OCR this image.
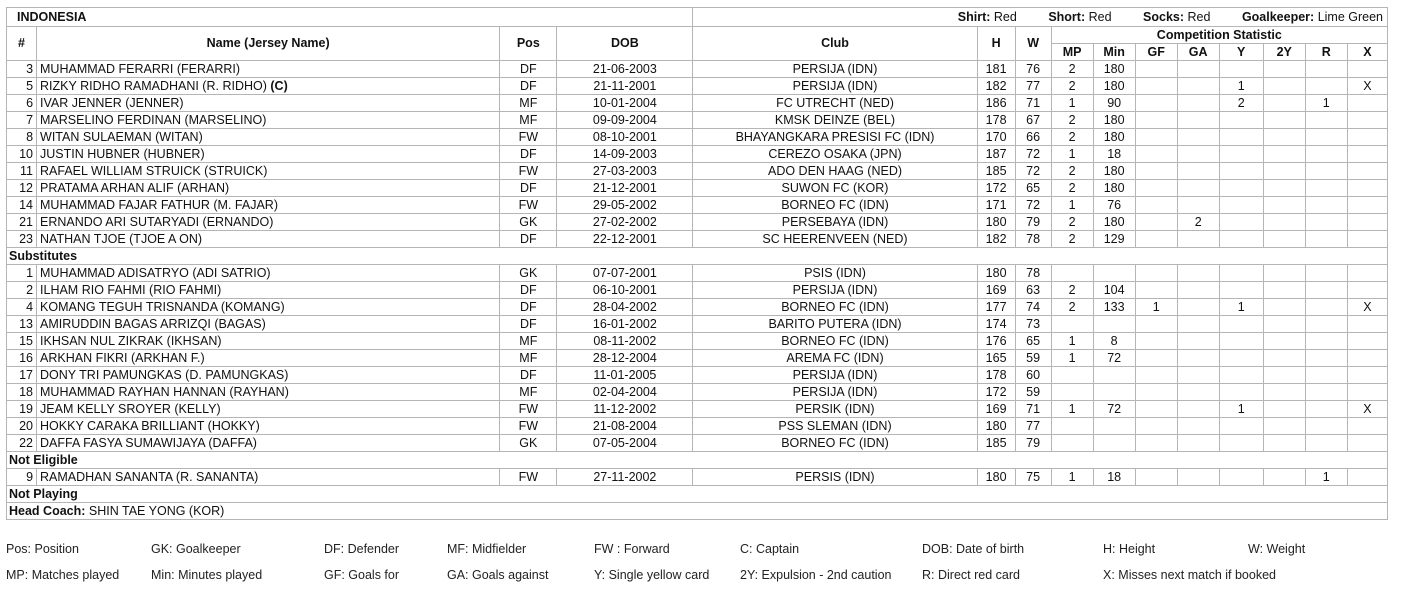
INDONESIA				Shirt: Red Short: Red Socks: Red Goalkeeper: Lime Green										
#	Name (Jersey Name)	Pos	DOB	Club	H	W	Competition Statistic							
							MP	Min	GF	GA	Y	2Y	R	X
3	MUHAMMAD FERARRI (FERARRI)	DF	21-06-2003	PERSIJA (IDN)	181	76	2	180						
5	RIZKY RIDHO RAMADHANI (R. RIDHO) (C)	DF	21-11-2001	PERSIJA (IDN)	182	77	2	180			1			X
6	IVAR JENNER (JENNER)	MF	10-01-2004	FC UTRECHT (NED)	186	71	1	90			2		1	
7	MARSELINO FERDINAN (MARSELINO)	MF	09-09-2004	KMSK DEINZE (BEL)	178	67	2	180						
8	WITAN SULAEMAN (WITAN)	FW	08-10-2001	BHAYANGKARA PRESISI FC (IDN)	170	66	2	180						
10	JUSTIN HUBNER (HUBNER)	DF	14-09-2003	CEREZO OSAKA (JPN)	187	72	1	18						
11	RAFAEL WILLIAM STRUICK (STRUICK)	FW	27-03-2003	ADO DEN HAAG (NED)	185	72	2	180						
12	PRATAMA ARHAN ALIF (ARHAN)	DF	21-12-2001	SUWON FC (KOR)	172	65	2	180						
14	MUHAMMAD FAJAR FATHUR (M. FAJAR)	FW	29-05-2002	BORNEO FC (IDN)	171	72	1	76						
21	ERNANDO ARI SUTARYADI (ERNANDO)	GK	27-02-2002	PERSEBAYA (IDN)	180	79	2	180		2				
23	NATHAN TJOE (TJOE A ON)	DF	22-12-2001	SC HEERENVEEN (NED)	182	78	2	129						
Substitutes														
1	MUHAMMAD ADISATRYO (ADI SATRIO)	GK	07-07-2001	PSIS (IDN)	180	78								
2	ILHAM RIO FAHMI (RIO FAHMI)	DF	06-10-2001	PERSIJA (IDN)	169	63	2	104						
4	KOMANG TEGUH TRISNANDA (KOMANG)	DF	28-04-2002	BORNEO FC (IDN)	177	74	2	133	1		1			X
13	AMIRUDDIN BAGAS ARRIZQI (BAGAS)	DF	16-01-2002	BARITO PUTERA (IDN)	174	73								
15	IKHSAN NUL ZIKRAK (IKHSAN)	MF	08-11-2002	BORNEO FC (IDN)	176	65	1	8						
16	ARKHAN FIKRI (ARKHAN F.)	MF	28-12-2004	AREMA FC (IDN)	165	59	1	72						
17	DONY TRI PAMUNGKAS (D. PAMUNGKAS)	DF	11-01-2005	PERSIJA (IDN)	178	60								
18	MUHAMMAD RAYHAN HANNAN (RAYHAN)	MF	02-04-2004	PERSIJA (IDN)	172	59								
19	JEAM KELLY SROYER (KELLY)	FW	11-12-2002	PERSIK (IDN)	169	71	1	72			1			X
20	HOKKY CARAKA BRILLIANT (HOKKY)	FW	21-08-2004	PSS SLEMAN (IDN)	180	77								
22	DAFFA FASYA SUMAWIJAYA (DAFFA)	GK	07-05-2004	BORNEO FC (IDN)	185	79								
Not Eligible														
9	RAMADHAN SANANTA (R. SANANTA)	FW	27-11-2002	PERSIS (IDN)	180	75	1	18					1	
Not Playing														
Head Coach: SHIN TAE YONG (KOR)														
Pos: Position	GK: Goalkeeper	DF: Defender	MF: Midfielder	FW : Forward	C: Captain	DOB: Date of birth	H: Height	W: Weight
MP: Matches played	Min: Minutes played	GF: Goals for	GA: Goals against	Y: Single yellow card 2Y: Expulsion - 2nd caution R: Direct red card	X: Misses next match if booked
